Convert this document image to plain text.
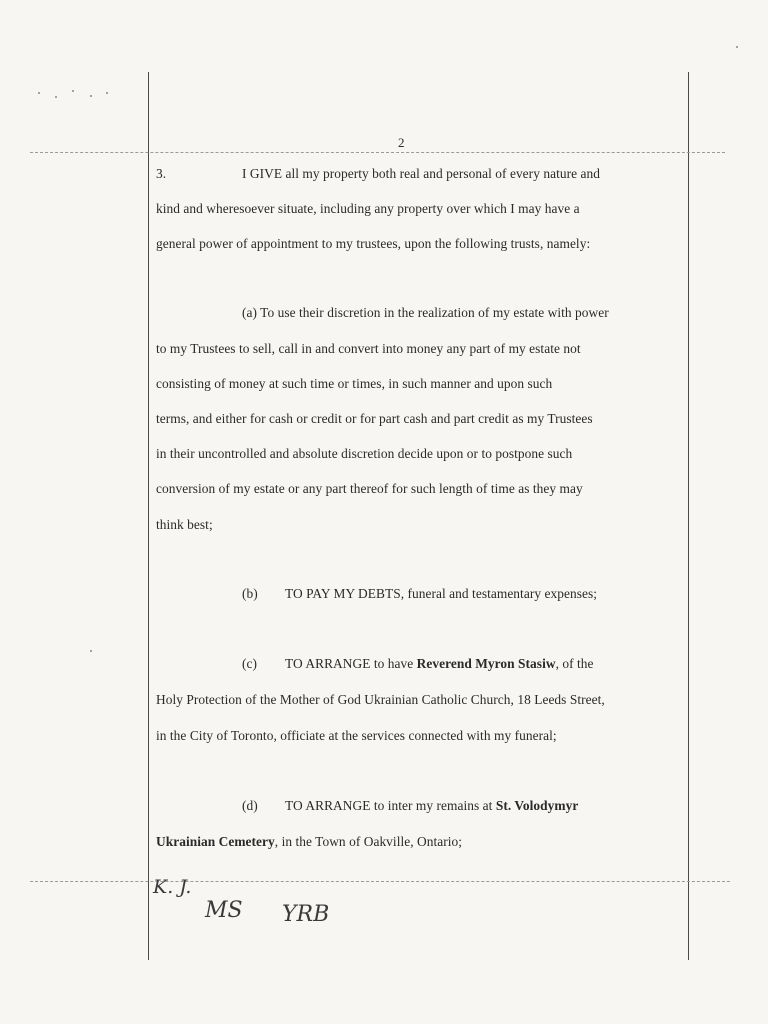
2
3.	I GIVE all my property both real and personal of every nature and
kind and wheresoever situate, including any property over which I may have a
general power of appointment to my trustees, upon the following trusts, namely:
(a) To use their discretion in the realization of my estate with power
to my Trustees to sell, call in and convert into money any part of my estate not
consisting of money at such time or times, in such manner and upon such
terms, and either for cash or credit or for part cash and part credit as my Trustees
in their uncontrolled and absolute discretion decide upon or to postpone such
conversion of my estate or any part thereof for such length of time as they may
think best;
(b) TO PAY MY DEBTS, funeral and testamentary expenses;
(c) TO ARRANGE to have Reverend Myron Stasiw, of the
Holy Protection of the Mother of God Ukrainian Catholic Church, 18 Leeds Street,
in the City of Toronto, officiate at the services connected with my funeral;
(d) TO ARRANGE to inter my remains at St. Volodymyr
Ukrainian Cemetery, in the Town of Oakville, Ontario;
K. J.
MS YRB
